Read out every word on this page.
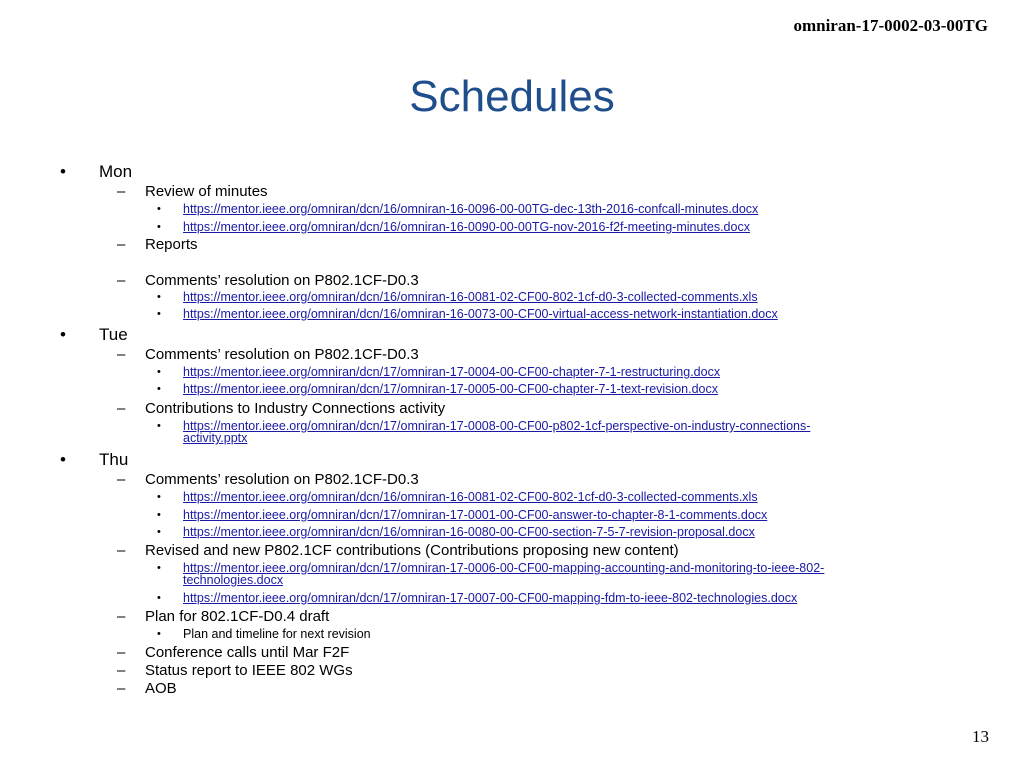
omniran-17-0002-03-00TG
Schedules
• Mon
– Review of minutes
• https://mentor.ieee.org/omniran/dcn/16/omniran-16-0096-00-00TG-dec-13th-2016-confcall-minutes.docx
• https://mentor.ieee.org/omniran/dcn/16/omniran-16-0090-00-00TG-nov-2016-f2f-meeting-minutes.docx
– Reports
– Comments’ resolution on P802.1CF-D0.3
• https://mentor.ieee.org/omniran/dcn/16/omniran-16-0081-02-CF00-802-1cf-d0-3-collected-comments.xls
• https://mentor.ieee.org/omniran/dcn/16/omniran-16-0073-00-CF00-virtual-access-network-instantiation.docx
• Tue
– Comments’ resolution on P802.1CF-D0.3
• https://mentor.ieee.org/omniran/dcn/17/omniran-17-0004-00-CF00-chapter-7-1-restructuring.docx
• https://mentor.ieee.org/omniran/dcn/17/omniran-17-0005-00-CF00-chapter-7-1-text-revision.docx
– Contributions to Industry Connections activity
• https://mentor.ieee.org/omniran/dcn/17/omniran-17-0008-00-CF00-p802-1cf-perspective-on-industry-connections-
activity.pptx
• Thu
– Comments’ resolution on P802.1CF-D0.3
• https://mentor.ieee.org/omniran/dcn/16/omniran-16-0081-02-CF00-802-1cf-d0-3-collected-comments.xls
• https://mentor.ieee.org/omniran/dcn/17/omniran-17-0001-00-CF00-answer-to-chapter-8-1-comments.docx
• https://mentor.ieee.org/omniran/dcn/16/omniran-16-0080-00-CF00-section-7-5-7-revision-proposal.docx
– Revised and new P802.1CF contributions (Contributions proposing new content)
• https://mentor.ieee.org/omniran/dcn/17/omniran-17-0006-00-CF00-mapping-accounting-and-monitoring-to-ieee-802-
technologies.docx
• https://mentor.ieee.org/omniran/dcn/17/omniran-17-0007-00-CF00-mapping-fdm-to-ieee-802-technologies.docx
– Plan for 802.1CF-D0.4 draft
• Plan and timeline for next revision
– Conference calls until Mar F2F
– Status report to IEEE 802 WGs
– AOB
13
